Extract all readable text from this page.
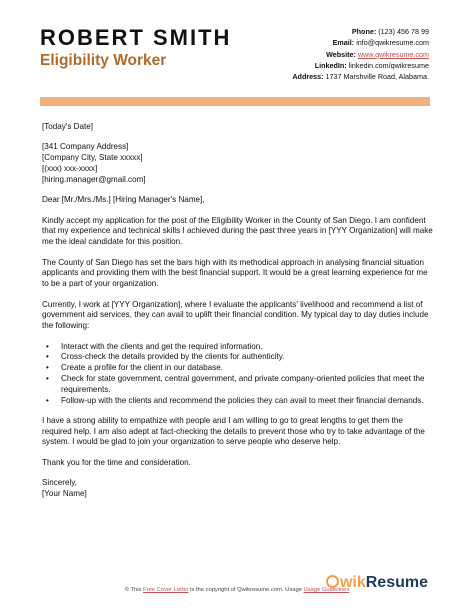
ROBERT SMITH
Eligibility Worker
Phone: (123) 456 78 99
Email: info@qwikresume.com
Website: www.qwikresume.com
LinkedIn: linkedin.com/qwikresume
Address: 1737 Marshville Road, Alabama.

[Today's Date]

[341 Company Address]
[Company City, State xxxxx]
[(xxx) xxx-xxxx]
[hiring.manager@gmail.com]

Dear [Mr./Mrs./Ms.] [Hiring Manager's Name],

Kindly accept my application for the post of the Eligibility Worker in the County of San Diego. I am confident that my experience and technical skills I achieved during the past three years in [YYY Organization] will make me the ideal candidate for this position.

The County of San Diego has set the bars high with its methodical approach in analysing financial situation applicants and providing them with the best financial support. It would be a great learning experience for me to be a part of your organization.

Currently, I work at [YYY Organization], where I evaluate the applicants' livelihood and recommend a list of government aid services, they can avail to uplift their financial condition. My typical day to day duties include the following:

• Interact with the clients and get the required information.
• Cross-check the details provided by the clients for authenticity.
• Create a profile for the client in our database.
• Check for state government, central government, and private company-oriented policies that meet the requirements.
• Follow-up with the clients and recommend the policies they can avail to meet their financial demands.

I have a strong ability to empathize with people and I am willing to go to great lengths to get them the required help. I am also adept at fact-checking the details to prevent those who try to take advantage of the system. I would be glad to join your organization to serve people who deserve help.

Thank you for the time and consideration.

Sincerely,
[Your Name]

© This Free Cover Letter is the copyright of Qwikresume.com. Usage Usage Guidelines
wikResume
